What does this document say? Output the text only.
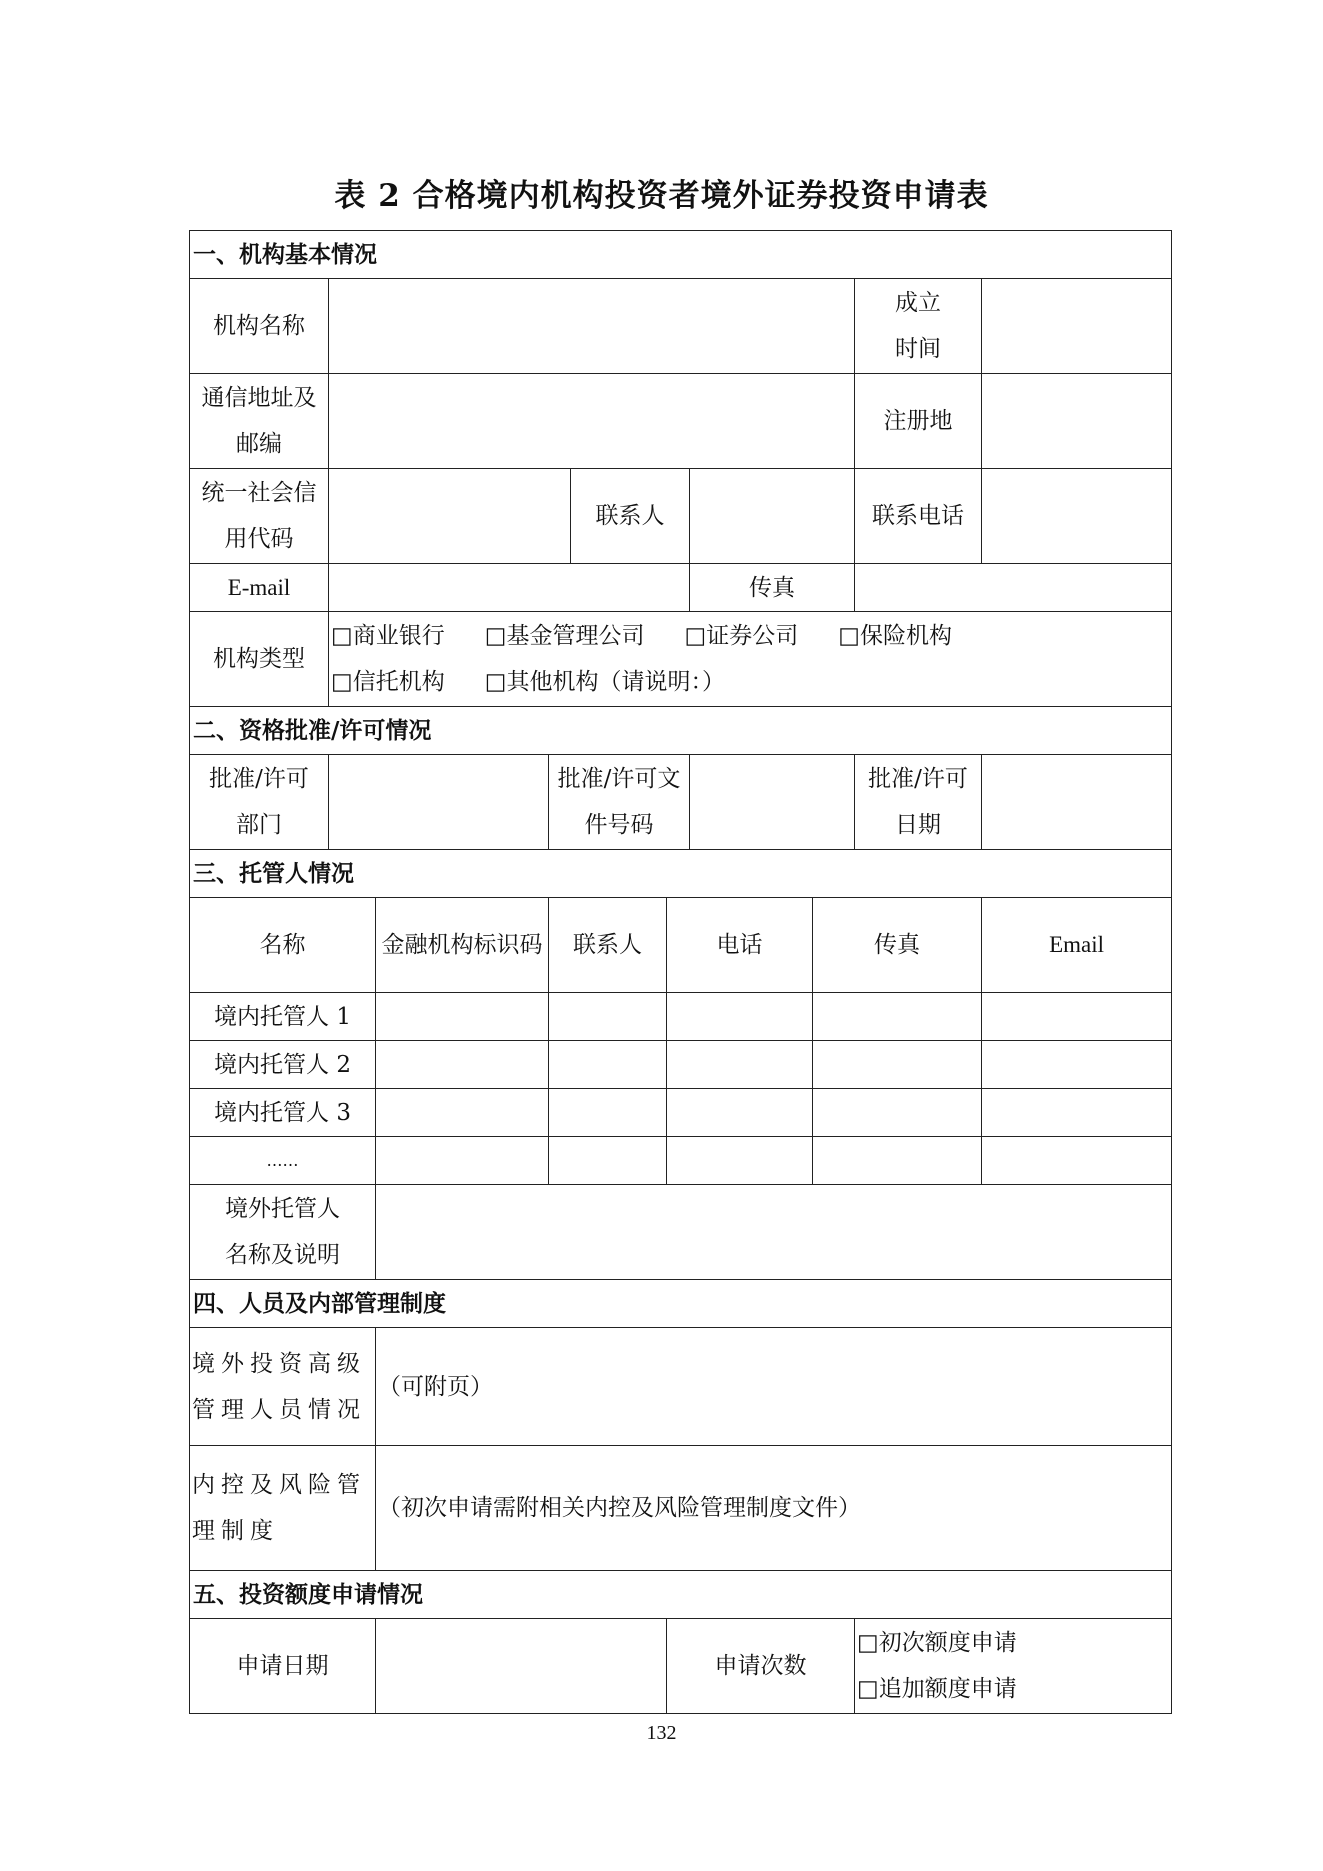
表 2 合格境内机构投资者境外证券投资申请表
一、机构基本情况									
机构名称								成立时间	
通信地址及邮编								注册地	
统一社会信用代码				联系人				联系电话	
E-mail						传真			
机构类型	□商业银行 □基金管理公司 □证券公司 □保险机构
□信托机构 □其他机构（请说明：）								

二、资格批准/许可情况									
批准/许可部门			批准/许可文件号码					批准/许可日期	
三、托管人情况									
名称		金融机构标识码	联系人		电话		传真		Email
境内托管人 1									
境内托管人 2									
境内托管人 3									
……									
境外托管人名称及说明									
四、人员及内部管理制度									
境外投资高级管理人员情况		（可附页）							
内控及风险管理制度		（初次申请需附相关内控及风险管理制度文件）							
五、投资额度申请情况									
申请日期					申请次数			□初次额度申请
□追加额度申请	
132
